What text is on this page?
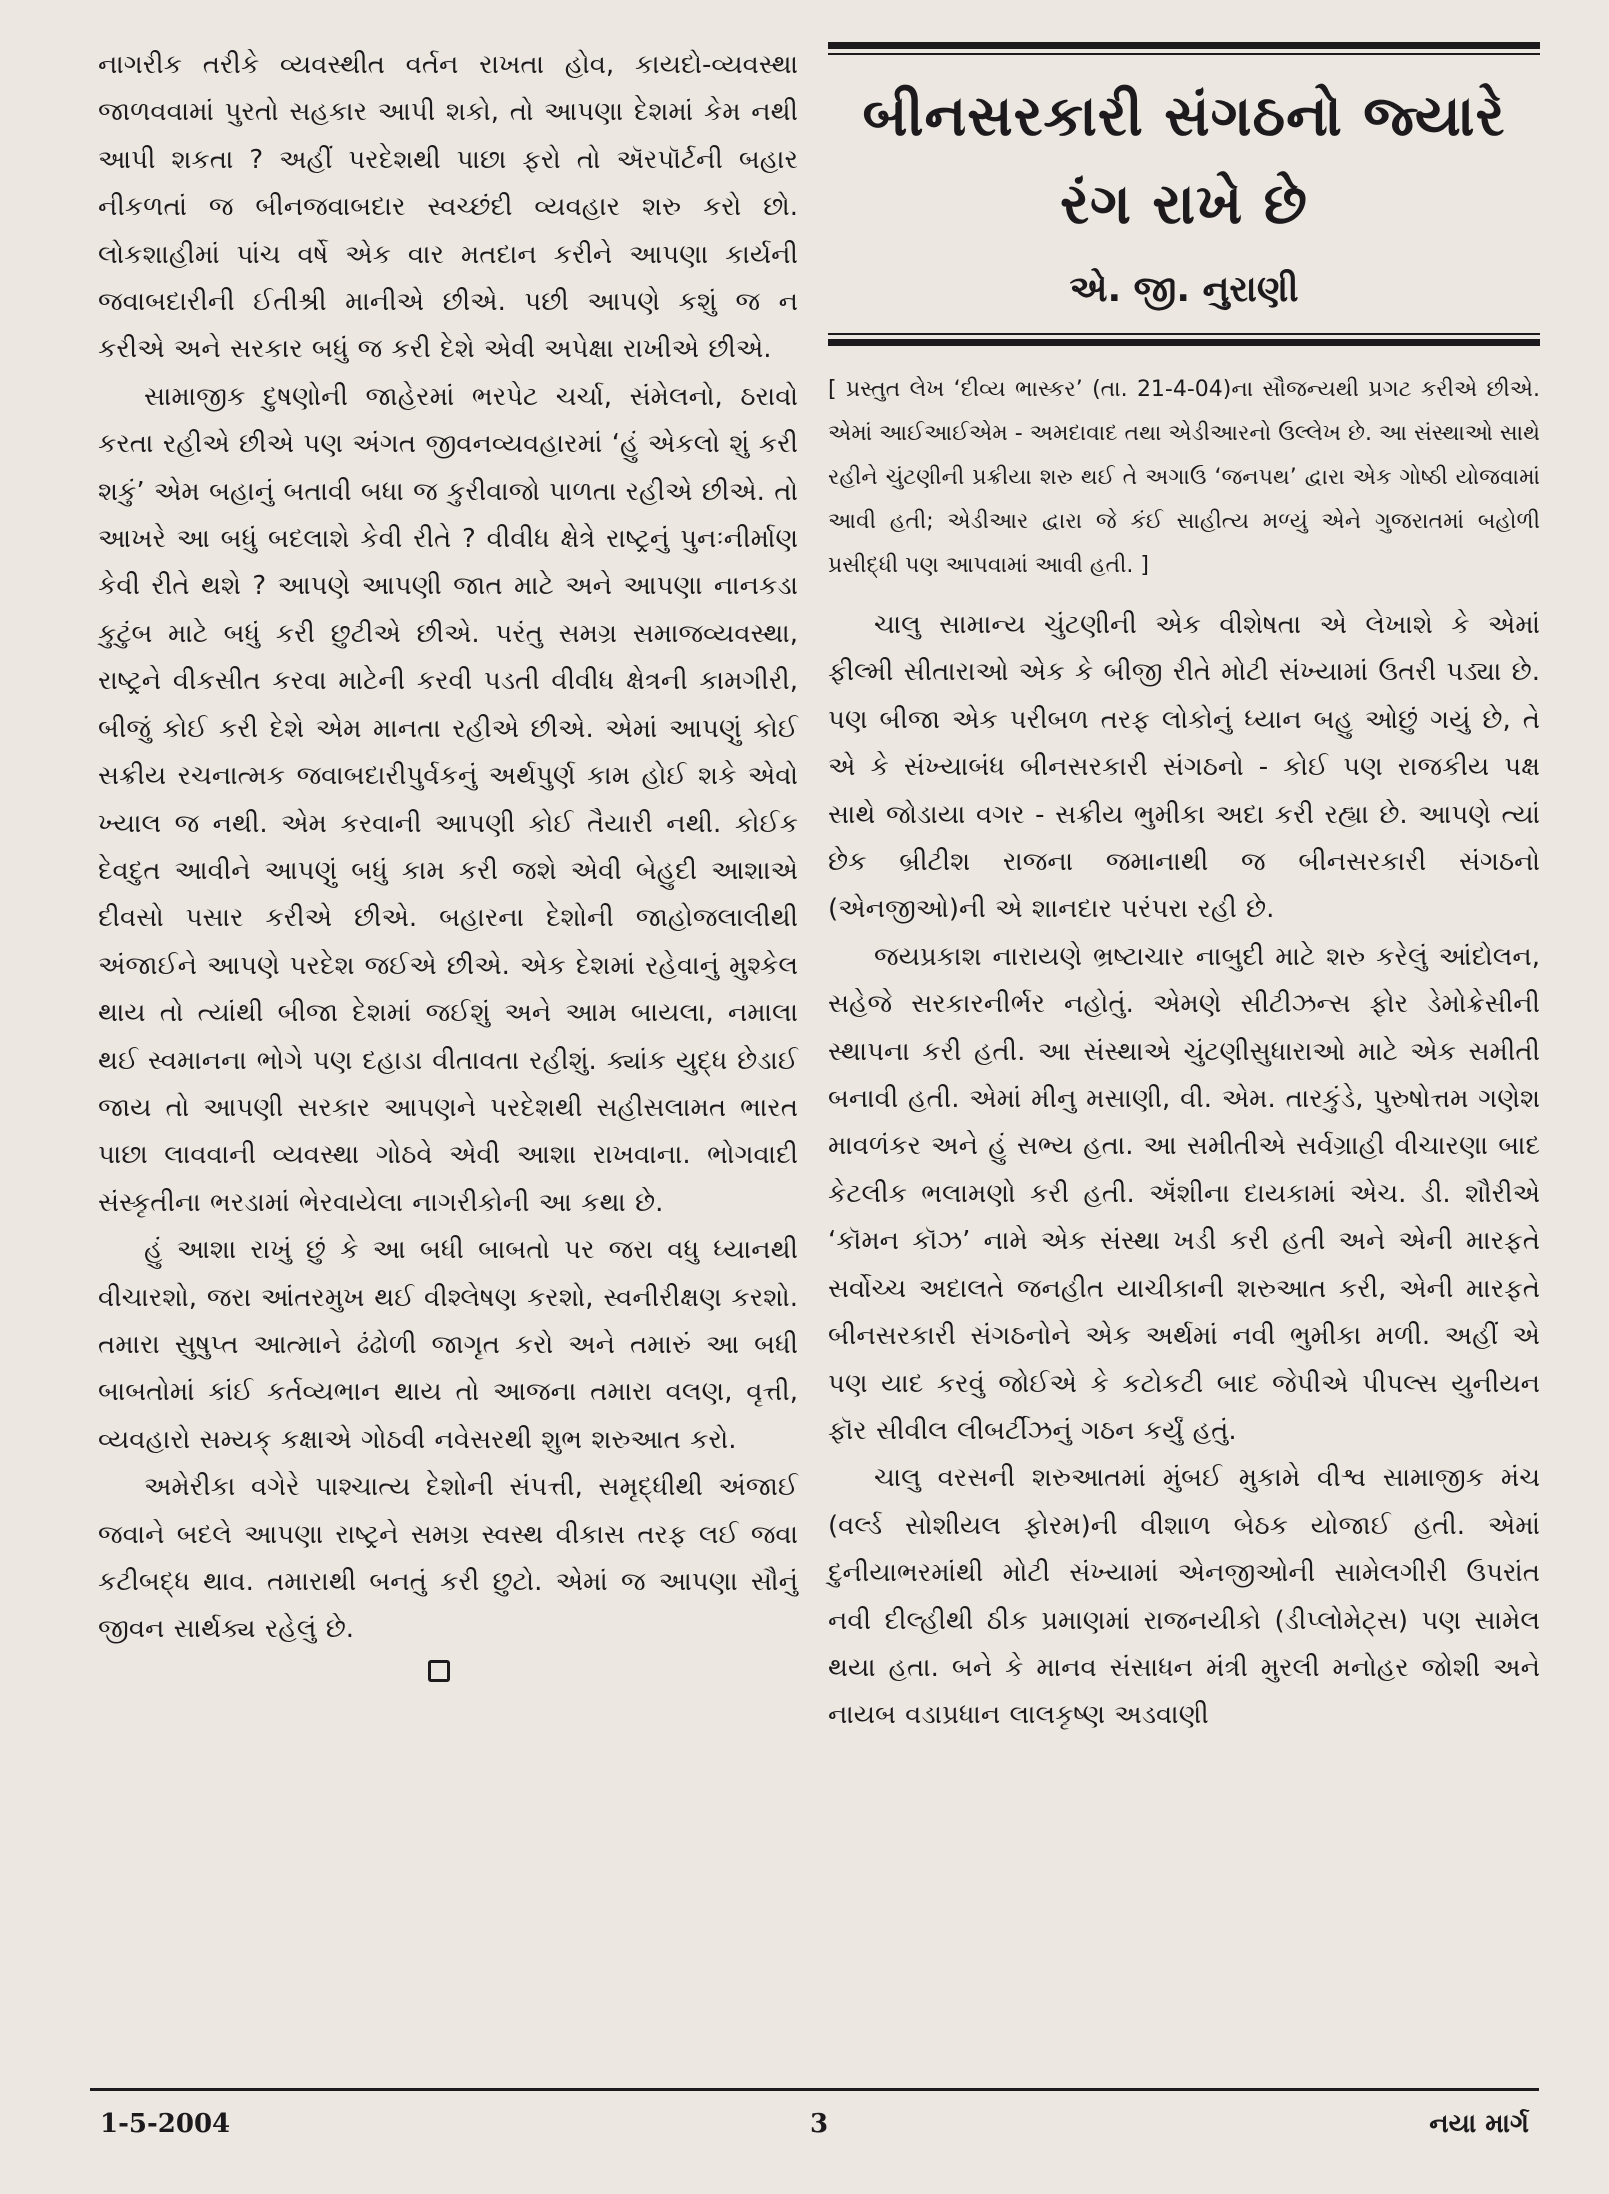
નાગરીક તરીકે વ્યવસ્થીત વર્તન રાખતા હોવ, કાયદો-વ્યવસ્થા જાળવવામાં પુરતો સહકાર આપી શકો, તો આપણા દેશમાં કેમ નથી આપી શકતા ? અહીં પરદેશથી પાછા ફરો તો ઍરપૉર્ટની બહાર નીકળતાં જ બીનજવાબદાર સ્વચ્છંદી વ્યવહાર શરુ કરો છો. લોકશાહીમાં પાંચ વર્ષે એક વાર મતદાન કરીને આપણા કાર્યની જવાબદારીની ઈતીશ્રી માનીએ છીએ. પછી આપણે કશું જ ન કરીએ અને સરકાર બધું જ કરી દેશે એવી અપેક્ષા રાખીએ છીએ.

સામાજીક દુષણોની જાહેરમાં ભરપેટ ચર્ચા, સંમેલનો, ઠરાવો કરતા રહીએ છીએ પણ અંગત જીવનવ્યવહારમાં ‘હું એકલો શું કરી શકું’ એમ બહાનું બતાવી બધા જ કુરીવાજો પાળતા રહીએ છીએ. તો આખરે આ બધું બદલાશે કેવી રીતે ? વીવીધ ક્ષેત્રે રાષ્ટ્રનું પુનઃનીર્માણ કેવી રીતે થશે ? આપણે આપણી જાત માટે અને આપણા નાનકડા કુટુંબ માટે બધું કરી છુટીએ છીએ. પરંતુ સમગ્ર સમાજવ્યવસ્થા, રાષ્ટ્રને વીકસીત કરવા માટેની કરવી પડતી વીવીધ ક્ષેત્રની કામગીરી, બીજું કોઈ કરી દેશે એમ માનતા રહીએ છીએ. એમાં આપણું કોઈ સક્રીય રચનાત્મક જવાબદારીપુર્વકનું અર્થપુર્ણ કામ હોઈ શકે એવો ખ્યાલ જ નથી. એમ કરવાની આપણી કોઈ તૈયારી નથી. કોઈક દેવદુત આવીને આપણું બધું કામ કરી જશે એવી બેહુદી આશાએ દીવસો પસાર કરીએ છીએ. બહારના દેશોની જાહોજલાલીથી અંજાઈને આપણે પરદેશ જઈએ છીએ. એક દેશમાં રહેવાનું મુશ્કેલ થાય તો ત્યાંથી બીજા દેશમાં જઈશું અને આમ બાયલા, નમાલા થઈ સ્વમાનના ભોગે પણ દહાડા વીતાવતા રહીશું. ક્યાંક યુદ્ધ છેડાઈ જાય તો આપણી સરકાર આપણને પરદેશથી સહીસલામત ભારત પાછા લાવવાની વ્યવસ્થા ગોઠવે એવી આશા રાખવાના. ભોગવાદી સંસ્કૃતીના ભરડામાં ભેરવાયેલા નાગરીકોની આ કથા છે.

હું આશા રાખું છું કે આ બધી બાબતો પર જરા વધુ ધ્યાનથી વીચારશો, જરા આંતરમુખ થઈ વીશ્લેષણ કરશો, સ્વનીરીક્ષણ કરશો. તમારા સુષુપ્ત આત્માને ઢંઢોળી જાગૃત કરો અને તમારું આ બધી બાબતોમાં કાંઈ કર્તવ્યભાન થાય તો આજના તમારા વલણ, વૃત્તી, વ્યવહારો સમ્યક્ કક્ષાએ ગોઠવી નવેસરથી શુભ શરુઆત કરો.

અમેરીકા વગેરે પાશ્ચાત્ય દેશોની સંપત્તી, સમૃદ્ધીથી અંજાઈ જવાને બદલે આપણા રાષ્ટ્રને સમગ્ર સ્વસ્થ વીકાસ તરફ લઈ જવા કટીબદ્ધ થાવ. તમારાથી બનતું કરી છુટો. એમાં જ આપણા સૌનું જીવન સાર્થક્ય રહેલું છે.

બીનસરકારી સંગઠનો જ્યારે
રંગ રાખે છે
એ. જી. નુરાણી

[ પ્રસ્તુત લેખ ‘દીવ્ય ભાસ્કર’ (તા. 21-4-04)ના સૌજન્યથી પ્રગટ કરીએ છીએ. એમાં આઈઆઈએમ - અમદાવાદ તથા એડીઆરનો ઉલ્લેખ છે. આ સંસ્થાઓ સાથે રહીને ચુંટણીની પ્રક્રીયા શરુ થઈ તે અગાઉ ‘જનપથ’ દ્વારા એક ગોષ્ઠી યોજવામાં આવી હતી; એડીઆર દ્વારા જે કંઈ સાહીત્ય મળ્યું એને ગુજરાતમાં બહોળી પ્રસીદ્ધી પણ આપવામાં આવી હતી. ]

ચાલુ સામાન્ય ચુંટણીની એક વીશેષતા એ લેખાશે કે એમાં ફીલ્મી સીતારાઓ એક કે બીજી રીતે મોટી સંખ્યામાં ઉતરી પડ્યા છે. પણ બીજા એક પરીબળ તરફ લોકોનું ધ્યાન બહુ ઓછું ગયું છે, તે એ કે સંખ્યાબંધ બીનસરકારી સંગઠનો - કોઈ પણ રાજકીય પક્ષ સાથે જોડાયા વગર - સક્રીય ભુમીકા અદા કરી રહ્યા છે. આપણે ત્યાં છેક બ્રીટીશ રાજના જમાનાથી જ બીનસરકારી સંગઠનો (એનજીઓ)ની એ શાનદાર પરંપરા રહી છે.

જયપ્રકાશ નારાયણે ભ્રષ્ટાચાર નાબુદી માટે શરુ કરેલું આંદોલન, સહેજે સરકારનીર્ભર નહોતું. એમણે સીટીઝન્સ ફોર ડેમોક્રેસીની સ્થાપના કરી હતી. આ સંસ્થાએ ચુંટણીસુધારાઓ માટે એક સમીતી બનાવી હતી. એમાં મીનુ મસાણી, વી. એમ. તારકુંડે, પુરુષોત્તમ ગણેશ માવળંકર અને હું સભ્ય હતા. આ સમીતીએ સર્વગ્રાહી વીચારણા બાદ કેટલીક ભલામણો કરી હતી. ઍંશીના દાયકામાં એચ. ડી. શૌરીએ ‘કૉમન કૉઝ’ નામે એક સંસ્થા ખડી કરી હતી અને એની મારફતે સર્વોચ્ચ અદાલતે જનહીત યાચીકાની શરુઆત કરી, એની મારફતે બીનસરકારી સંગઠનોને એક અર્થમાં નવી ભુમીકા મળી. અહીં એ પણ યાદ કરવું જોઈએ કે કટોકટી બાદ જેપીએ પીપલ્સ યુનીયન ફૉર સીવીલ લીબર્ટીઝનું ગઠન કર્યું હતું.

ચાલુ વરસની શરુઆતમાં મુંબઈ મુકામે વીશ્વ સામાજીક મંચ (વર્લ્ડ સોશીયલ ફોરમ)ની વીશાળ બેઠક યોજાઈ હતી. એમાં દુનીયાભરમાંથી મોટી સંખ્યામાં એનજીઓની સામેલગીરી ઉપરાંત નવી દીલ્હીથી ઠીક પ્રમાણમાં રાજનયીકો (ડીપ્લોમેટ્સ) પણ સામેલ થયા હતા. બને કે માનવ સંસાધન મંત્રી મુરલી મનોહર જોશી અને નાયબ વડાપ્રધાન લાલકૃષ્ણ અડવાણી

1-5-2004	3	નયા માર્ગ
